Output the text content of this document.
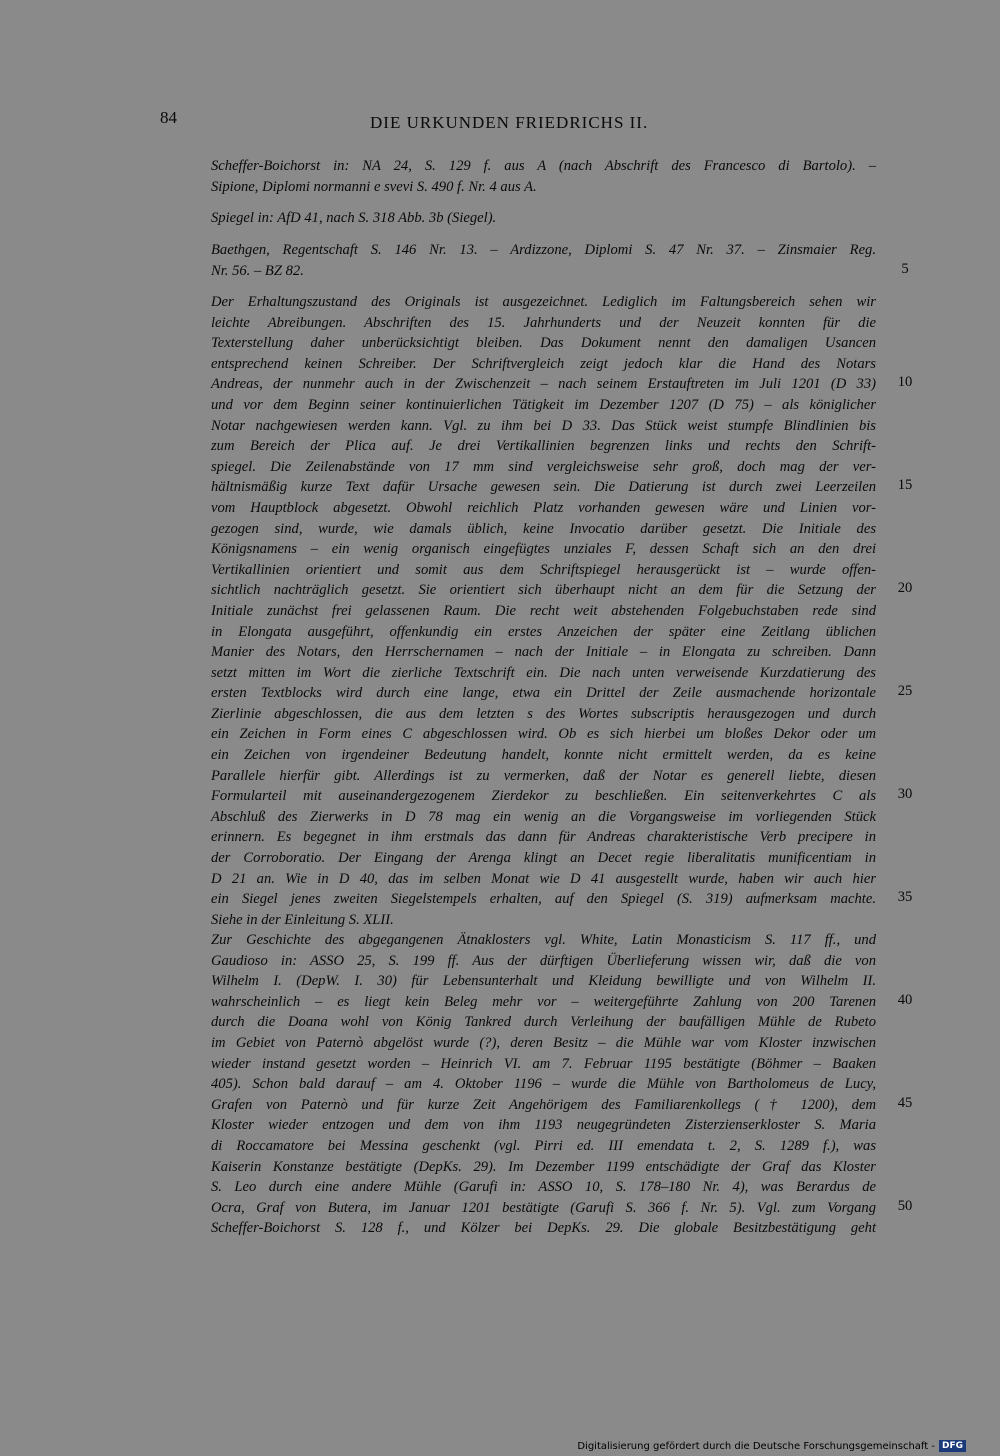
84	DIE URKUNDEN FRIEDRICHS II.
Scheffer-Boichorst in: NA 24, S. 129 f. aus A (nach Abschrift des Francesco di Bartolo). –
Sipione, Diplomi normanni e svevi S. 490 f. Nr. 4 aus A.
Spiegel in: AfD 41, nach S. 318 Abb. 3b (Siegel).
Baethgen, Regentschaft S. 146 Nr. 13. – Ardizzone, Diplomi S. 47 Nr. 37. – Zinsmaier Reg.
Nr. 56. – BZ 82.
Der Erhaltungszustand des Originals ist ausgezeichnet. Lediglich im Faltungsbereich sehen wir
leichte Abreibungen. Abschriften des 15. Jahrhunderts und der Neuzeit konnten für die
Texterstellung daher unberücksichtigt bleiben. Das Dokument nennt den damaligen Usancen
entsprechend keinen Schreiber. Der Schriftvergleich zeigt jedoch klar die Hand des Notars
Andreas, der nunmehr auch in der Zwischenzeit – nach seinem Erstauftreten im Juli 1201 (D 33)
und vor dem Beginn seiner kontinuierlichen Tätigkeit im Dezember 1207 (D 75) – als königlicher
Notar nachgewiesen werden kann. Vgl. zu ihm bei D 33. Das Stück weist stumpfe Blindlinien bis
zum Bereich der Plica auf. Je drei Vertikallinien begrenzen links und rechts den Schrift-
spiegel. Die Zeilenabstände von 17 mm sind vergleichsweise sehr groß, doch mag der ver-
hältnismäßig kurze Text dafür Ursache gewesen sein. Die Datierung ist durch zwei Leerzeilen
vom Hauptblock abgesetzt. Obwohl reichlich Platz vorhanden gewesen wäre und Linien vor-
gezogen sind, wurde, wie damals üblich, keine Invocatio darüber gesetzt. Die Initiale des
Königsnamens – ein wenig organisch eingefügtes unziales F, dessen Schaft sich an den drei
Vertikallinien orientiert und somit aus dem Schriftspiegel herausgerückt ist – wurde offen-
sichtlich nachträglich gesetzt. Sie orientiert sich überhaupt nicht an dem für die Setzung der
Initiale zunächst frei gelassenen Raum. Die recht weit abstehenden Folgebuchstaben rede sind
in Elongata ausgeführt, offenkundig ein erstes Anzeichen der später eine Zeitlang üblichen
Manier des Notars, den Herrschernamen – nach der Initiale – in Elongata zu schreiben. Dann
setzt mitten im Wort die zierliche Textschrift ein. Die nach unten verweisende Kurzdatierung des
ersten Textblocks wird durch eine lange, etwa ein Drittel der Zeile ausmachende horizontale
Zierlinie abgeschlossen, die aus dem letzten s des Wortes subscriptis herausgezogen und durch
ein Zeichen in Form eines C abgeschlossen wird. Ob es sich hierbei um bloßes Dekor oder um
ein Zeichen von irgendeiner Bedeutung handelt, konnte nicht ermittelt werden, da es keine
Parallele hierfür gibt. Allerdings ist zu vermerken, daß der Notar es generell liebte, diesen
Formularteil mit auseinandergezogenem Zierdekor zu beschließen. Ein seitenverkehrtes C als
Abschluß des Zierwerks in D 78 mag ein wenig an die Vorgangsweise im vorliegenden Stück
erinnern. Es begegnet in ihm erstmals das dann für Andreas charakteristische Verb precipere in
der Corroboratio. Der Eingang der Arenga klingt an Decet regie liberalitatis munificentiam in
D 21 an. Wie in D 40, das im selben Monat wie D 41 ausgestellt wurde, haben wir auch hier
ein Siegel jenes zweiten Siegelstempels erhalten, auf den Spiegel (S. 319) aufmerksam machte.
Siehe in der Einleitung S. XLII.
Zur Geschichte des abgegangenen Ätnaklosters vgl. White, Latin Monasticism S. 117 ff., und
Gaudioso in: ASSO 25, S. 199 ff. Aus der dürftigen Überlieferung wissen wir, daß die von
Wilhelm I. (DepW. I. 30) für Lebensunterhalt und Kleidung bewilligte und von Wilhelm II.
wahrscheinlich – es liegt kein Beleg mehr vor – weitergeführte Zahlung von 200 Tarenen
durch die Doana wohl von König Tankred durch Verleihung der baufälligen Mühle de Rubeto
im Gebiet von Paternò abgelöst wurde (?), deren Besitz – die Mühle war vom Kloster inzwischen
wieder instand gesetzt worden – Heinrich VI. am 7. Februar 1195 bestätigte (Böhmer – Baaken
405). Schon bald darauf – am 4. Oktober 1196 – wurde die Mühle von Bartholomeus de Lucy,
Grafen von Paternò und für kurze Zeit Angehörigem des Familiarenkollegs († 1200), dem
Kloster wieder entzogen und dem von ihm 1193 neugegründeten Zisterzienserkloster S. Maria
di Roccamatore bei Messina geschenkt (vgl. Pirri ed. III emendata t. 2, S. 1289 f.), was
Kaiserin Konstanze bestätigte (DepKs. 29). Im Dezember 1199 entschädigte der Graf das Kloster
S. Leo durch eine andere Mühle (Garufi in: ASSO 10, S. 178–180 Nr. 4), was Berardus de
Ocra, Graf von Butera, im Januar 1201 bestätigte (Garufi S. 366 f. Nr. 5). Vgl. zum Vorgang
Scheffer-Boichorst S. 128 f., und Kölzer bei DepKs. 29. Die globale Besitzbestätigung geht
5
10
15
20
25
30
35
40
45
50
Digitalisierung gefördert durch die Deutsche Forschungsgemeinschaft - DFG
